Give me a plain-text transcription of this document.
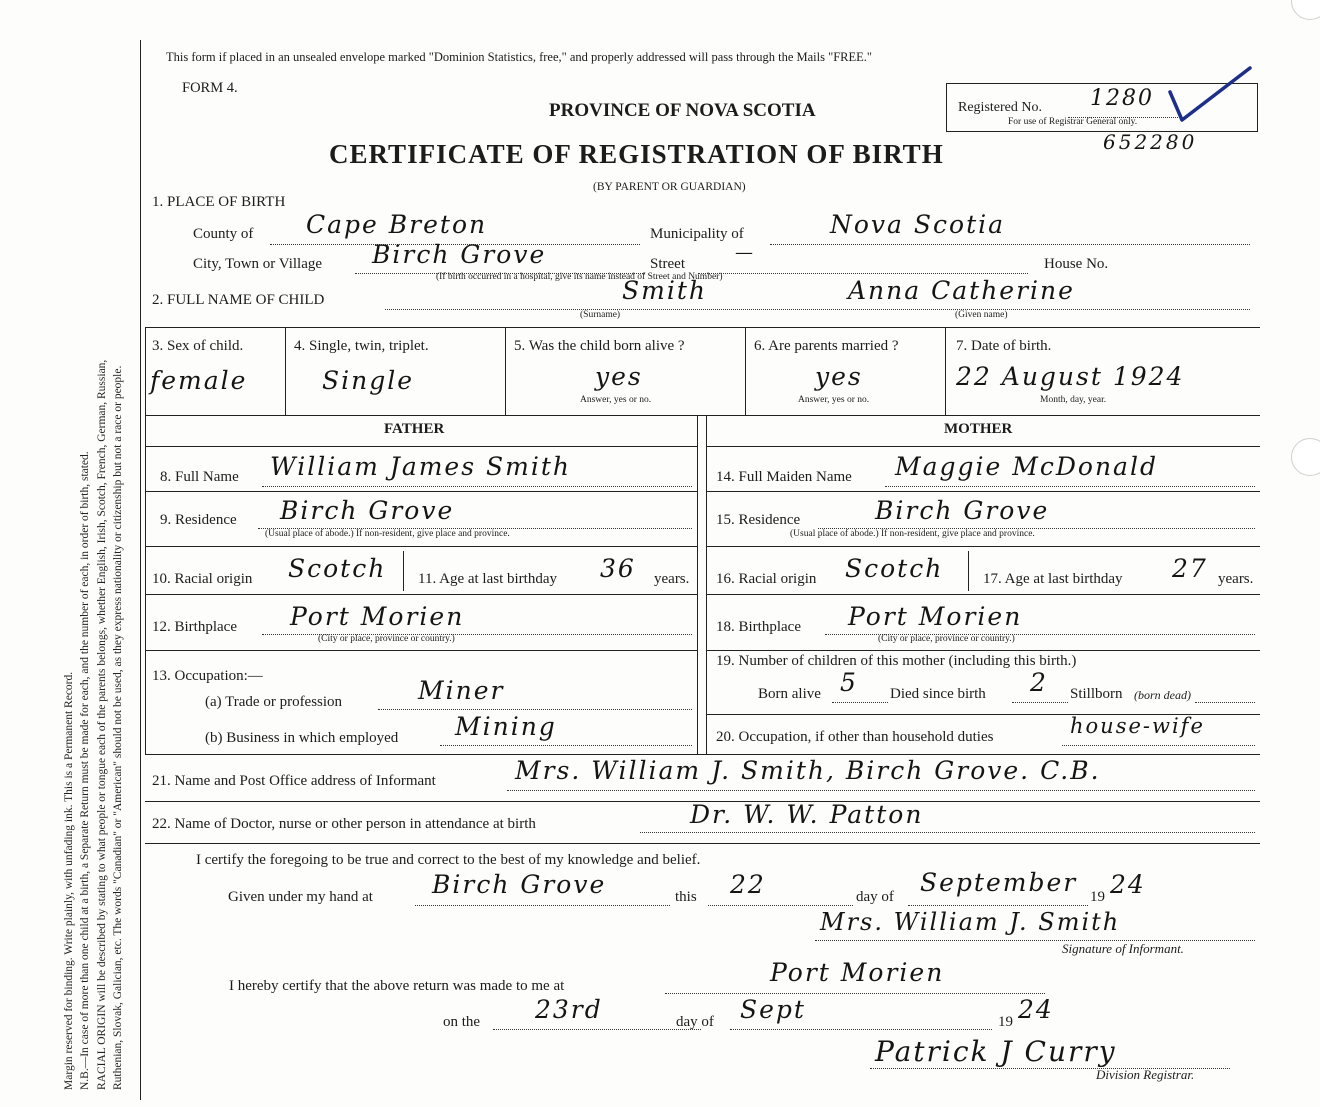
Margin reserved for binding. Write plainly, with unfading ink. This is a Permanent Record. N.B.—In case of more than one child at a birth, a Separate Return must be made for each, and the number of each, in order of birth, stated. RACIAL ORIGIN will be described by stating to what people or tongue each of the parents belongs, whether English, Irish, Scotch, French, German, Russian, Ruthenian, Slovak, Galician, etc. The words "Canadian" or "American" should not be used, as they express nationality or citizenship but not a race or people.
This form if placed in an unsealed envelope marked "Dominion Statistics, free," and properly addressed will pass through the Mails "FREE."
FORM 4.
PROVINCE OF NOVA SCOTIA
CERTIFICATE OF REGISTRATION OF BIRTH
(BY PARENT OR GUARDIAN)
Registered No. 1280
For use of Registrar General only.
652280
1. PLACE OF BIRTH
County of Cape Breton	Municipality of	Nova Scotia
City, Town or Village Birch Grove	Street
—
House No.
(If birth occurred in a hospital, give its name instead of Street and Number)
2. FULL NAME OF CHILD	Smith	Anna Catherine
(Surname)	(Given name)
3. Sex of child.
female
4. Single, twin, triplet.
Single
5. Was the child born alive ?
yes
Answer, yes or no.
6. Are parents married ?
yes
Answer, yes or no.
7. Date of birth.
22 August 1924
Month, day, year.
FATHER	MOTHER
8. Full Name William James Smith	14. Full Maiden Name Maggie McDonald
9. Residence Birch Grove
(Usual place of abode.) If non-resident, give place and province.
15. Residence	Birch Grove
(Usual place of abode.) If non-resident, give place and province.
10. Racial origin Scotch 11. Age at last birthday 36 years. 16. Racial origin Scotch	17. Age at last birthday 27 years.
12. Birthplace Port Morien
(City or place, province or country.)
18. Birthplace Port Morien
(City or place, province or country.)
13. Occupation:—
(a) Trade or profession	Miner
(b) Business in which employed Mining
19. Number of children of this mother (including this birth.)
Born alive 5 Died since birth 2 Stillborn (born dead)
20. Occupation, if other than household duties	house-wife
21. Name and Post Office address of Informant	Mrs. William J. Smith, Birch Grove. C.B.
22. Name of Doctor, nurse or other person in attendance at birth	Dr. W. W. Patton
I certify the foregoing to be true and correct to the best of my knowledge and belief.
Given under my hand at Birch Grove	this 22	day of September 19 24
Mrs. William J. Smith
Signature of Informant.
I hereby certify that the above return was made to me at	Port Morien
on the 23rd	day of Sept	19 24
Patrick J Curry
Division Registrar.
